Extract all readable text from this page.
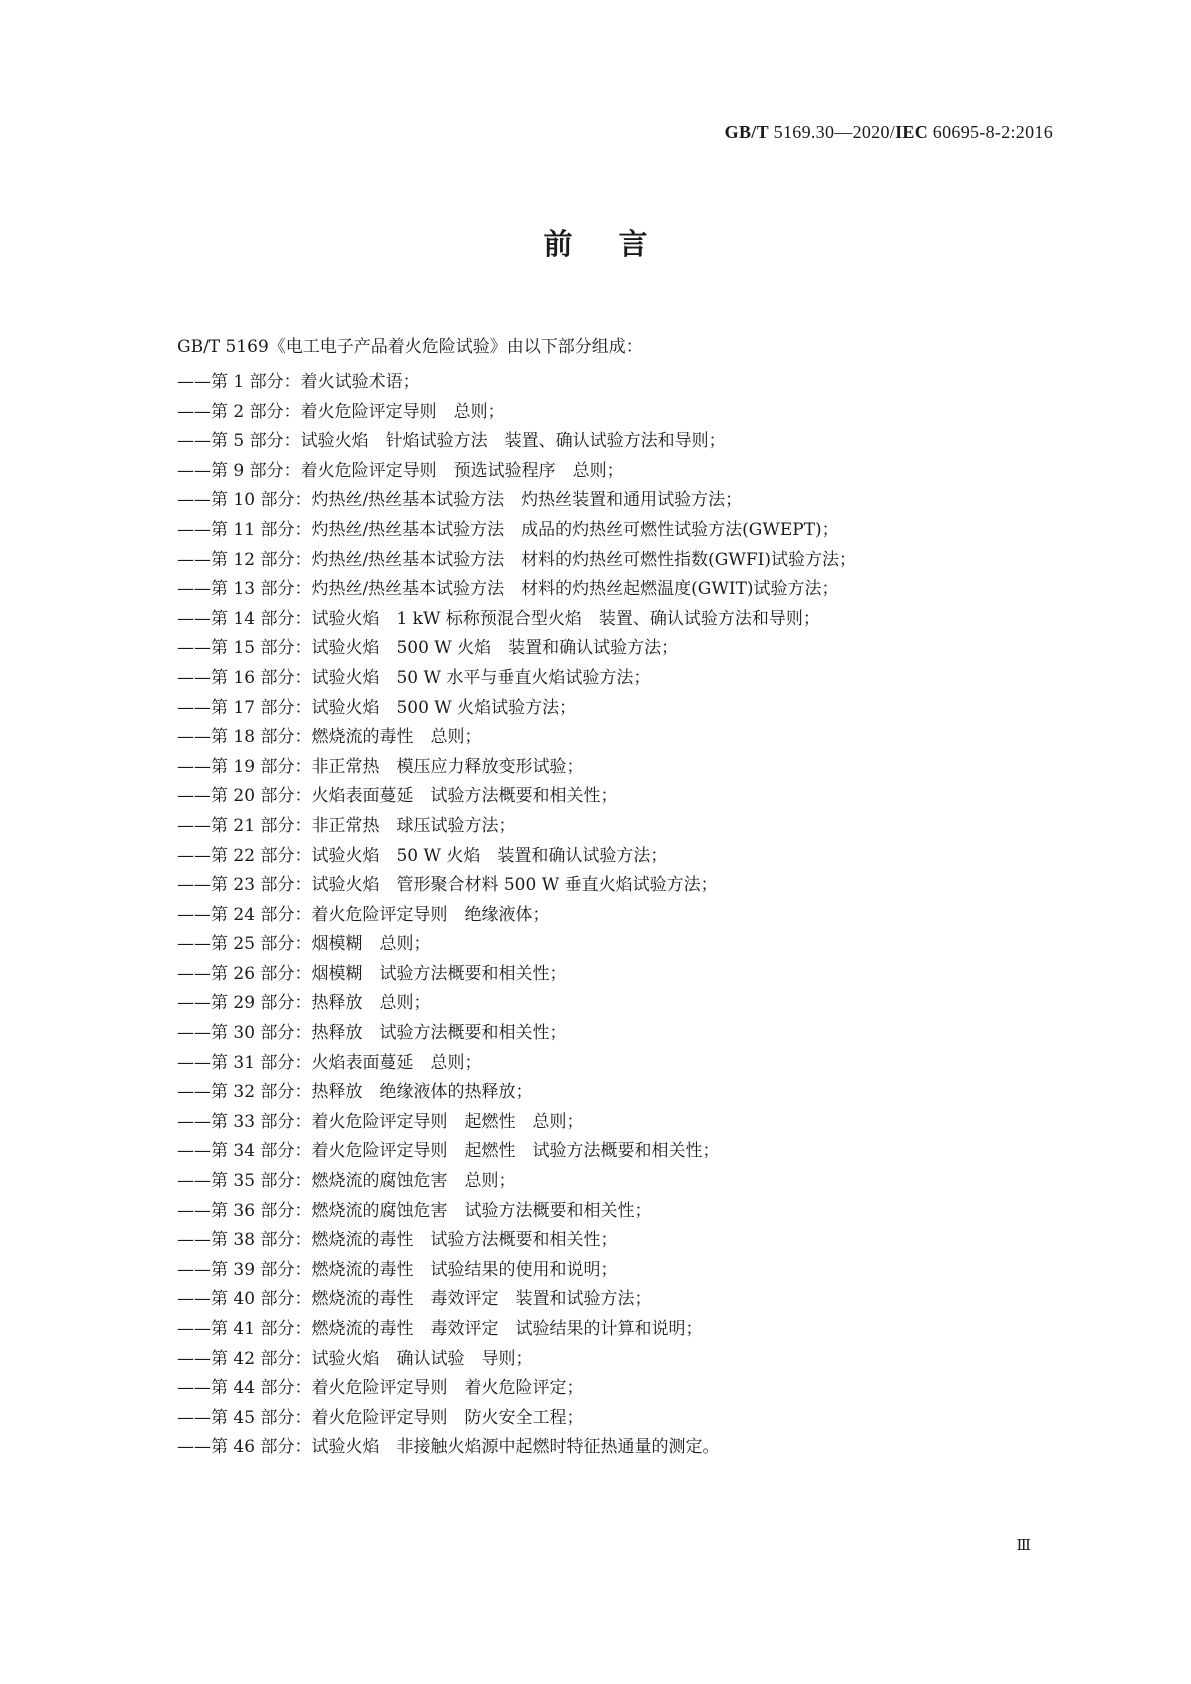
GB/T 5169.30—2020/IEC 60695-8-2:2016
前言
GB/T 5169《电工电子产品着火危险试验》由以下部分组成：
——第 1 部分：着火试验术语；
——第 2 部分：着火危险评定导则　总则；
——第 5 部分：试验火焰　针焰试验方法　装置、确认试验方法和导则；
——第 9 部分：着火危险评定导则　预选试验程序　总则；
——第 10 部分：灼热丝/热丝基本试验方法　灼热丝装置和通用试验方法；
——第 11 部分：灼热丝/热丝基本试验方法　成品的灼热丝可燃性试验方法(GWEPT)；
——第 12 部分：灼热丝/热丝基本试验方法　材料的灼热丝可燃性指数(GWFI)试验方法；
——第 13 部分：灼热丝/热丝基本试验方法　材料的灼热丝起燃温度(GWIT)试验方法；
——第 14 部分：试验火焰　1 kW 标称预混合型火焰　装置、确认试验方法和导则；
——第 15 部分：试验火焰　500 W 火焰　装置和确认试验方法；
——第 16 部分：试验火焰　50 W 水平与垂直火焰试验方法；
——第 17 部分：试验火焰　500 W 火焰试验方法；
——第 18 部分：燃烧流的毒性　总则；
——第 19 部分：非正常热　模压应力释放变形试验；
——第 20 部分：火焰表面蔓延　试验方法概要和相关性；
——第 21 部分：非正常热　球压试验方法；
——第 22 部分：试验火焰　50 W 火焰　装置和确认试验方法；
——第 23 部分：试验火焰　管形聚合材料 500 W 垂直火焰试验方法；
——第 24 部分：着火危险评定导则　绝缘液体；
——第 25 部分：烟模糊　总则；
——第 26 部分：烟模糊　试验方法概要和相关性；
——第 29 部分：热释放　总则；
——第 30 部分：热释放　试验方法概要和相关性；
——第 31 部分：火焰表面蔓延　总则；
——第 32 部分：热释放　绝缘液体的热释放；
——第 33 部分：着火危险评定导则　起燃性　总则；
——第 34 部分：着火危险评定导则　起燃性　试验方法概要和相关性；
——第 35 部分：燃烧流的腐蚀危害　总则；
——第 36 部分：燃烧流的腐蚀危害　试验方法概要和相关性；
——第 38 部分：燃烧流的毒性　试验方法概要和相关性；
——第 39 部分：燃烧流的毒性　试验结果的使用和说明；
——第 40 部分：燃烧流的毒性　毒效评定　装置和试验方法；
——第 41 部分：燃烧流的毒性　毒效评定　试验结果的计算和说明；
——第 42 部分：试验火焰　确认试验　导则；
——第 44 部分：着火危险评定导则　着火危险评定；
——第 45 部分：着火危险评定导则　防火安全工程；
——第 46 部分：试验火焰　非接触火焰源中起燃时特征热通量的测定。
Ⅲ
